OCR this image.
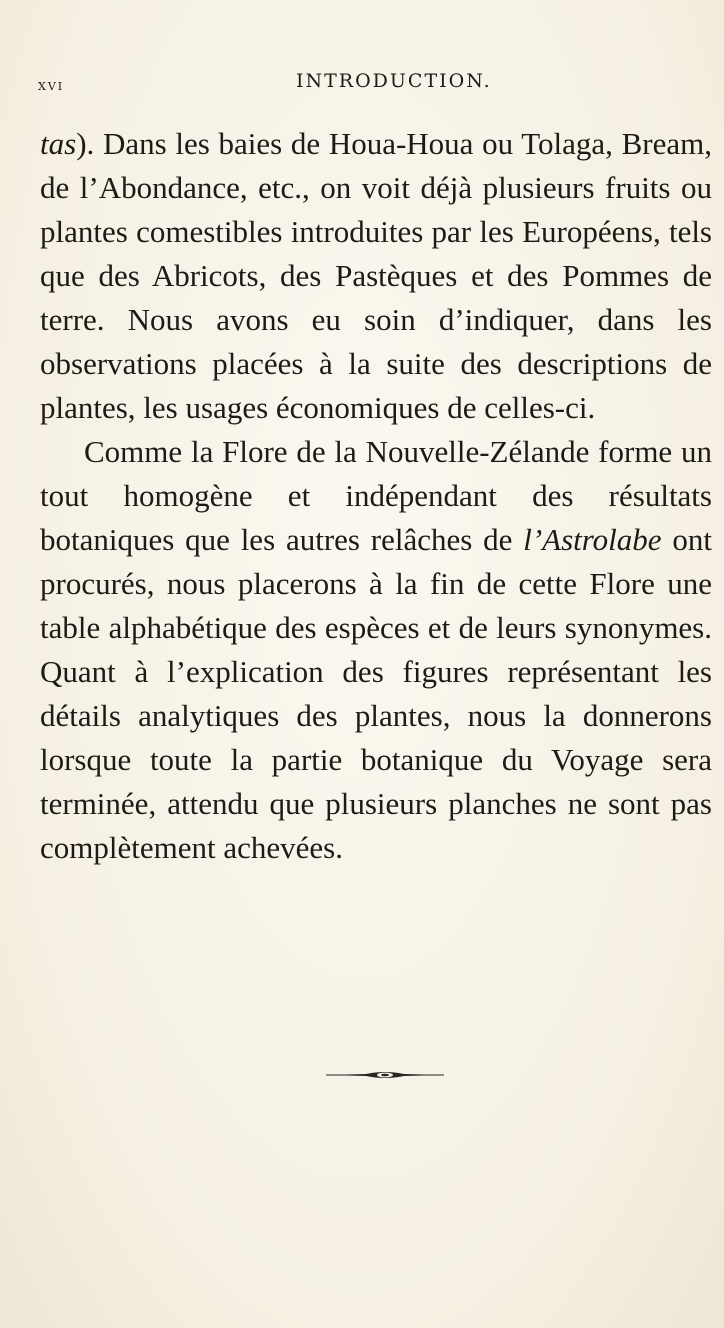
xvi	INTRODUCTION.

tas). Dans les baies de Houa-Houa ou Tolaga, Bream, de l’Abondance, etc., on voit déjà plusieurs fruits ou plantes comestibles introduites par les Européens, tels que des Abricots, des Pastèques et des Pommes de terre. Nous avons eu soin d’indiquer, dans les observations placées à la suite des descriptions de plantes, les usages économiques de celles-ci.

Comme la Flore de la Nouvelle-Zélande forme un tout homogène et indépendant des résultats botaniques que les autres relâches de l’Astrolabe ont procurés, nous placerons à la fin de cette Flore une table alphabétique des espèces et de leurs synonymes. Quant à l’explication des figures représentant les détails analytiques des plantes, nous la donnerons lorsque toute la partie botanique du Voyage sera terminée, attendu que plusieurs planches ne sont pas complètement achevées.
